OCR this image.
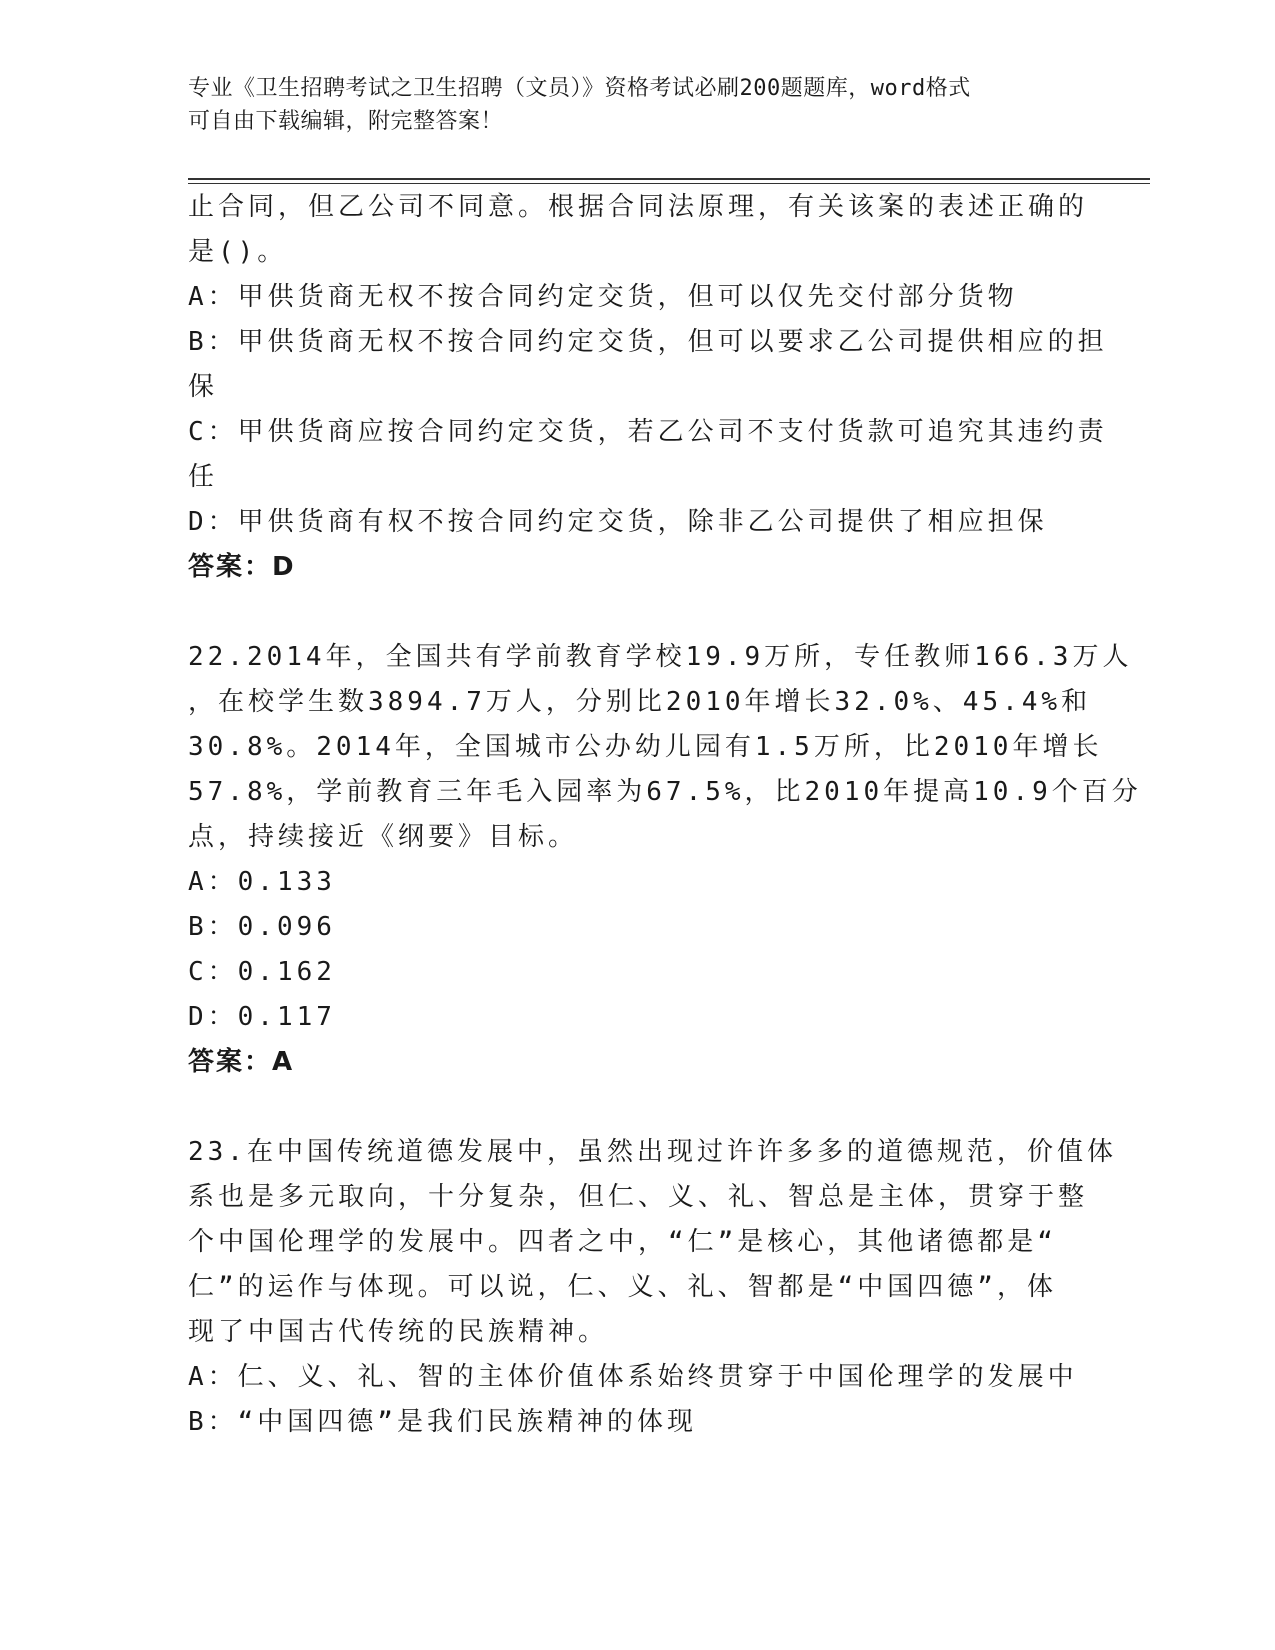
专业《卫生招聘考试之卫生招聘（文员）》资格考试必刷200题题库，word格式
可自由下载编辑，附完整答案！
止合同，但乙公司不同意。根据合同法原理，有关该案的表述正确的
是()。
A：甲供货商无权不按合同约定交货，但可以仅先交付部分货物
B：甲供货商无权不按合同约定交货，但可以要求乙公司提供相应的担
保
C：甲供货商应按合同约定交货，若乙公司不支付货款可追究其违约责
任
D：甲供货商有权不按合同约定交货，除非乙公司提供了相应担保
答案：D
22.2014年，全国共有学前教育学校19.9万所，专任教师166.3万人
，在校学生数3894.7万人，分别比2010年增长32.0%、45.4%和
30.8%。2014年，全国城市公办幼儿园有1.5万所，比2010年增长
57.8%，学前教育三年毛入园率为67.5%，比2010年提高10.9个百分
点，持续接近《纲要》目标。
A：0.133
B：0.096
C：0.162
D：0.117
答案：A
23.在中国传统道德发展中，虽然出现过许许多多的道德规范，价值体
系也是多元取向，十分复杂，但仁、义、礼、智总是主体，贯穿于整
个中国伦理学的发展中。四者之中，“仁”是核心，其他诸德都是“
仁”的运作与体现。可以说，仁、义、礼、智都是“中国四德”，体
现了中国古代传统的民族精神。
A：仁、义、礼、智的主体价值体系始终贯穿于中国伦理学的发展中
B：“中国四德”是我们民族精神的体现
